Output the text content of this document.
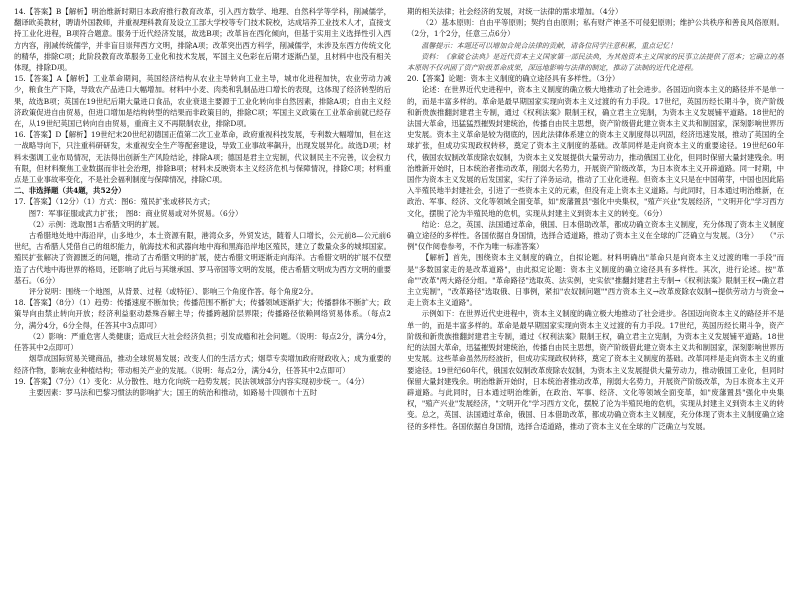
14.【答案】B【解析】明治维新时期日本政府推行教育改革，引入西方数学、地理、自然科学等学科，削减儒学，翻译欧美教材，聘请外国教师，并重视理科教育及设立工部大学校等专门技术院校，达成培养工业技术人才，直接支持工业化进程，B项符合题意。服务于近代经济发展，故选B项；改革旨在西化倾向，但基于实用主义选择性引入西方内容，削减传统儒学，并非盲目崇拜西方文明，排除A项；改革突出西方科学，削减儒学，未涉及东西方传统文化的精华，排除C项；此阶段教育改革服务工业化和技术发展，军国主义色彩在后期才逐渐凸显，且材料中也没有相关体现，排除D项。

15.【答案】A【解析】工业革命期间，英国经济结构从农业主导转向工业主导，城市化进程加快，农业劳动力减少，粮食生产下降，导致农产品进口大幅增加。材料中小麦、肉类和乳制品进口增长的表现，这体现了经济转型的后果，故选B项；英国在19世纪后期大量进口食品，农业衰退主要源于工业化转向非自然因素，排除A项；自由主义经济政策促进自由贸易，但进口增加是结构转型的结果而非政策目的，排除C项；军国主义政策在工业革命前就已经存在，从19世纪英国已转向自由贸易，重商主义不再限制农业，排除D项。

16.【答案】D【解析】19世纪末20世纪初德国正值第二次工业革命，政府重视科技发展，专利数大幅增加，但在这一战略导向下，只注重科研研发，未重视安全生产等配套建设，导致工业事故率飙升，出现发展异化。故选D项；材料未强调工业布局情况，无法得出创新生产风险结论，排除A项；德国是君主立宪制，代议制民主不完善，议会权力有限，但材料聚焦工业数据而非社会治理，排除B项；材料未反映资本主义经济危机与保障情况，排除C项；材料重点是工业事故率变化，不是社会福利制度与保障情况，排除C项。

二、非选择题（共4题，共52分）

17.【答案】（12分）（1）方式：图6：殖民扩张或移民方式；

图7：军事征服或武力扩张；　图8：商业贸易或对外贸易。（6分）

（2）示例：选取图1古希腊文明的扩展。

古希腊地处地中海沿岸，山多地少，本土资源有限，港湾众多，外贸发达，随着人口增长，公元前8—公元前6世纪，古希腊人凭借自己的组织能力，航海技术和武器向地中海和黑海沿岸地区殖民，建立了数量众多的城邦国家。殖民扩张解决了资源匮乏的问题，推动了古希腊文明的扩展，使古希腊文明逐渐走向海洋。古希腊文明的扩展不仅塑造了古代地中海世界的格局，还影响了此后与其继承国、罗马帝国等文明的发展，使古希腊文明成为西方文明的重要基石。（6分）

评分说明：围绕一个地图，从背景、过程（或特征）、影响三个角度作答。每个角度2分。

18.【答案】（8分）（1）趋势：传播速度不断加快；传播范围不断扩大；传播领域逐渐扩大；传播群体不断扩大；政策导向由禁止转向开放；经济利益驱动悬殊吞解主导；传播跨越阶层界限；传播路径依赖网络贸易体系。（每点2分，满分4分，6分全得，任答其中3点即可）

（2）影响：严重危害人类健康；造成巨大社会经济负担；引发成瘾和社会问题。（说明：每点2分，满分4分，任答其中2点即可）

烟草成国际贸易关键商品，推动全球贸易发展；改变人们的生活方式；烟草专卖增加政府财政收入；成为重要的经济作物，影响农业种植结构；带动相关产业的发展。（说明：每点2分，满分4分，任答其中2点即可）

19.【答案】（7分）（1）变化：从分散性、地方化向统一趋势发展；民法领域部分内容实现初步统一。（4分）

主要因素：罗马法和巴黎习惯法的影响扩大；国王的统治和推动，如路易十四颁布十五时

期的相关法律；社会经济的发展，对统一法律的需求增加。（4分）

（2）基本原则：自由平等原则；契约自由原则；私有财产神圣不可侵犯原则；维护公共秩序和善良风俗原则。（2分，1个2分，任意三点6分）

温馨提示：本题还可以增加合规合法律的贡献，请各位同学注意积累，重点记忆！

资料：《拿破仑法典》是近代资本主义国家第一部民法典，为其他资本主义国家的民事立法提供了范本；它确立的基本原则不仅巩固了资产阶级革命成果，深远地影响与法律的制定，推动了法制的近代化进程。

20.【答案】论题：资本主义制度的确立途径具有多样性。（3分）

论述：在世界近代史进程中，资本主义制度的确立极大地推动了社会进步。各国迈向资本主义的路径并不是单一的，而是丰富多样的。革命是最早期国家实现向资本主义过渡的有力手段。17世纪，英国历经长期斗争，资产阶级和新贵族推翻封建君主专制，通过《权利法案》限制王权，确立君主立宪制，为资本主义发展铺平道路。18世纪的法国大革命，迅猛猛烈摧毁封建统治，传播自由民主思想，资产阶级借此建立资本主义共和制国家，深刻影响世界历史发展。资本主义革命是较为彻底的，因此法律体系建立的资本主义制度得以巩固，经济迅速发展，推动了英国的全球扩张，但成功实现政权转移，奠定了资本主义制度的基础。改革同样是走向资本主义的重要途径。19世纪60年代，俄国农奴制改革废除农奴制，为资本主义发展提供大量劳动力，推动俄国工业化，但同时保留大量封建残余。明治维新开始时，日本统治者推动改革，削弱大名势力，开展资产阶级改革，为日本资本主义开辟道路。同一时期，中国作为资本主义发展的后发国家，实行了洋务运动，推动了工业化进程。但资本主义只是在中国萌芽，中国也因此陷入半殖民地半封建社会，引进了一些资本主义的元素，但没有走上资本主义道路。与此同时，日本通过明治维新，在政治、军事、经济、文化等领域全面变革，如"废藩置县"强化中央集权，"殖产兴业"发展经济，"文明开化"学习西方文化，摆脱了沦为半殖民地的危机，实现从封建主义到资本主义的转变。（6分）

结论：总之，英国、法国通过革命，俄国、日本借助改革，都成功确立资本主义制度，充分体现了资本主义制度确立途径的多样性。各国依据自身国情，选择合适道路，推动了资本主义在全球的广泛确立与发展。（3分）　　（"示例"仅作阅卷参考，不作为唯一标准答案）

【解析】首先，围绕资本主义制度的确立，自拟论题。材料明确出"革命只是向资本主义过渡的唯一手段"而是"多数国家走的是改革道路"，由此拟定论题：资本主义制度的确立途径具有多样性。其次，进行论述。按"革命""改革"两大路径分组。"革命路径"选取英、法实例，史实依"推翻封建君主专制→《权利法案》限制王权→确立君主立宪制"，"改革路径"选取俄、日事例，紧扣"农奴制问题""西方资本主义→改革废除农奴制→提供劳动力与资金→走上资本主义道路"。

示例如下：在世界近代史进程中，资本主义制度的确立极大地推动了社会进步。各国迈向资本主义的路径并不是单一的，而是丰富多样的。革命是最早期国家实现向资本主义过渡的有力手段。17世纪，英国历经长期斗争，资产阶级和新贵族推翻封建君主专制，通过《权利法案》限制王权，确立君主立宪制，为资本主义发展铺平道路。18世纪的法国大革命，迅猛摧毁封建统治，传播自由民主思想，资产阶级借此建立资本主义共和制国家，深刻影响世界历史发展。这些革命虽然历经波折，但成功实现政权转移，奠定了资本主义制度的基础。改革同样是走向资本主义的重要途径。19世纪60年代，俄国农奴制改革废除农奴制，为资本主义发展提供大量劳动力，推动俄国工业化，但同时保留大量封建残余。明治维新开始时，日本统治者推动改革，削弱大名势力，开展资产阶级改革，为日本资本主义开辟道路。与此同时，日本通过明治维新，在政治、军事、经济、文化等领域全面变革，如"废藩置县"强化中央集权，"殖产兴业"发展经济，"文明开化"学习西方文化，摆脱了沦为半殖民地的危机，实现从封建主义到资本主义的转变。总之，英国、法国通过革命，俄国、日本借助改革，都成功确立资本主义制度，充分体现了资本主义制度确立途径的多样性。各国依据自身国情，选择合适道路，推动了资本主义在全球的广泛确立与发展。
